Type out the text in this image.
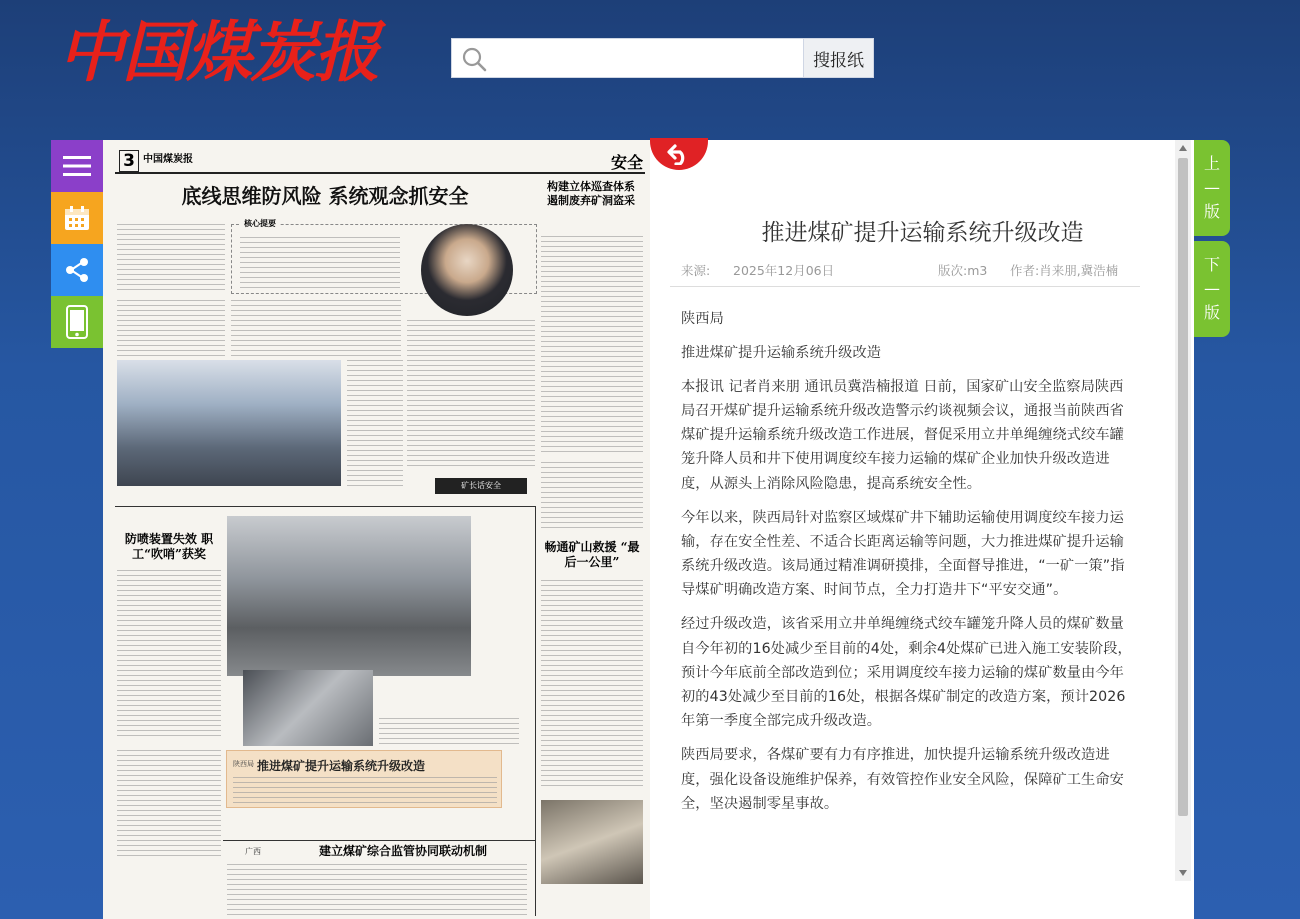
中国煤炭报	搜报纸
3 中国煤炭报	安全
底线思维防风险 系统观念抓安全	构建立体巡查体系 遏制废弃矿洞盗采
核心提要
矿长话安全
防喷装置失效 职工“吹哨”获奖	畅通矿山救援 “最后一公里”
陕西局 推进煤矿提升运输系统升级改造
广西	建立煤矿综合监管协同联动机制
推进煤矿提升运输系统升级改造
来源: 2025年12月06日	版次:m3 作者:肖来朋,冀浩楠

陕西局

推进煤矿提升运输系统升级改造

本报讯 记者肖来朋 通讯员冀浩楠报道 日前，国家矿山安全监察局陕西局召开煤矿提升运输系统升级改造警示约谈视频会议，通报当前陕西省煤矿提升运输系统升级改造工作进展，督促采用立井单绳缠绕式绞车罐笼升降人员和井下使用调度绞车接力运输的煤矿企业加快升级改造进度，从源头上消除风险隐患，提高系统安全性。

今年以来，陕西局针对监察区域煤矿井下辅助运输使用调度绞车接力运输，存在安全性差、不适合长距离运输等问题，大力推进煤矿提升运输系统升级改造。该局通过精准调研摸排，全面督导推进，“一矿一策”指导煤矿明确改造方案、时间节点，全力打造井下“平安交通”。

经过升级改造，该省采用立井单绳缠绕式绞车罐笼升降人员的煤矿数量自今年初的16处减少至目前的4处，剩余4处煤矿已进入施工安装阶段，预计今年底前全部改造到位；采用调度绞车接力运输的煤矿数量由今年初的43处减少至目前的16处，根据各煤矿制定的改造方案，预计2026年第一季度全部完成升级改造。

陕西局要求，各煤矿要有力有序推进，加快提升运输系统升级改造进度，强化设备设施维护保养，有效管控作业安全风险，保障矿工生命安全，坚决遏制零星事故。

上
—
版
下
—
版
